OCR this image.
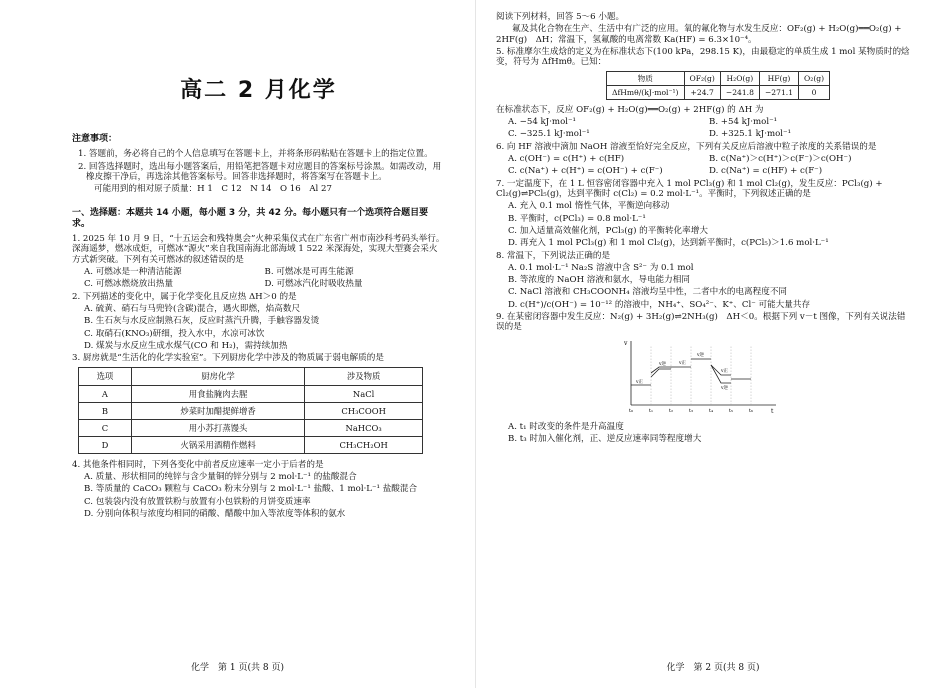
高二 2 月化学
注意事项：
1. 答题前，务必将自己的个人信息填写在答题卡上，并将条形码粘贴在答题卡上的指定位置。
2. 回答选择题时，选出每小题答案后，用铅笔把答题卡对应题目的答案标号涂黑。如需改动，用橡皮擦干净后，再选涂其他答案标号。回答非选择题时，将答案写在答题卡上。
可能用到的相对原子质量：H 1　C 12　N 14　O 16　Al 27
一、选择题：本题共 14 小题，每小题 3 分，共 42 分。每小题只有一个选项符合题目要求。
1. 2025 年 10 月 9 日，“十五运会和残特奥会”火种采集仪式在广东省广州市南沙科考码头举行。深海遥梦，燃冰成炬，可燃冰“源火”来自我国南海北部海域 1 522 米深海处，实现大型赛会采火方式新突破。下列有关可燃冰的叙述错误的是
A. 可燃冰是一种清洁能源	B. 可燃冰是可再生能源
C. 可燃冰燃烧放出热量	D. 可燃冰汽化时吸收热量
2. 下列描述的变化中，属于化学变化且反应热 ΔH＞0 的是
A. 硫黄、硝石与马兜铃(含碳)混合，遇火即燃，焰高数尺
B. 生石灰与水反应制熟石灰，反应时蒸汽升腾，手触容器发烫
C. 取硝石(KNO₃)研细，投入水中，水凉可冰饮
D. 煤炭与水反应生成水煤气(CO 和 H₂)，需持续加热
3. 厨房就是“生活化的化学实验室”。下列厨房化学中涉及的物质属于弱电解质的是
选项	厨房化学	涉及物质
A	用食盐腌肉去腥	NaCl
B	炒菜时加醋提鲜增香	CH₃COOH
C	用小苏打蒸馒头	NaHCO₃
D	火锅采用酒精作燃料	CH₃CH₂OH
4. 其他条件相同时，下列各变化中前者反应速率一定小于后者的是
A. 质量、形状相同的纯锌与含少量铜的锌分别与 2 mol·L⁻¹ 的盐酸混合
B. 等质量的 CaCO₃ 颗粒与 CaCO₃ 粉末分别与 2 mol·L⁻¹ 盐酸、1 mol·L⁻¹ 盐酸混合
C. 包装袋内没有放置铁粉与放置有小包铁粉的月饼变质速率
D. 分别向体积与浓度均相同的硝酸、醋酸中加入等浓度等体积的氨水
化学　第 1 页(共 8 页)
阅读下列材料，回答 5～6 小题。
氟及其化合物在生产、生活中有广泛的应用。氧的氟化物与水发生反应：OF₂(g) + H₂O(g)══O₂(g) + 2HF(g)　ΔH；常温下，氢氟酸的电离常数 Ka(HF) = 6.3×10⁻⁴。
5. 标准摩尔生成焓的定义为在标准状态下(100 kPa，298.15 K)，由最稳定的单质生成 1 mol 某物质时的焓变，符号为 ΔfHmθ。已知：
物质	OF₂(g)	H₂O(g)	HF(g)	O₂(g)
ΔfHmθ/(kJ·mol⁻¹)	+24.7	−241.8	−271.1	0
在标准状态下，反应 OF₂(g) + H₂O(g)══O₂(g) + 2HF(g) 的 ΔH 为
A. −54 kJ·mol⁻¹	B. +54 kJ·mol⁻¹
C. −325.1 kJ·mol⁻¹	D. +325.1 kJ·mol⁻¹
6. 向 HF 溶液中滴加 NaOH 溶液至恰好完全反应，下列有关反应后溶液中粒子浓度的关系错误的是
A. c(OH⁻) = c(H⁺) + c(HF)	B. c(Na⁺)＞c(H⁺)＞c(F⁻)＞c(OH⁻)
C. c(Na⁺) + c(H⁺) = c(OH⁻) + c(F⁻)	D. c(Na⁺) = c(HF) + c(F⁻)
7. 一定温度下，在 1 L 恒容密闭容器中充入 1 mol PCl₃(g) 和 1 mol Cl₂(g)，发生反应：PCl₃(g) + Cl₂(g)⇌PCl₅(g)，达到平衡时 c(Cl₂) = 0.2 mol·L⁻¹。平衡时，下列叙述正确的是
A. 充入 0.1 mol 惰性气体，平衡逆向移动
B. 平衡时，c(PCl₃) = 0.8 mol·L⁻¹
C. 加入适量高效催化剂，PCl₃(g) 的平衡转化率增大
D. 再充入 1 mol PCl₃(g) 和 1 mol Cl₂(g)，达到新平衡时，c(PCl₅)＞1.6 mol·L⁻¹
8. 常温下，下列说法正确的是
A. 0.1 mol·L⁻¹ Na₂S 溶液中含 S²⁻ 为 0.1 mol
B. 等浓度的 NaOH 溶液和氨水，导电能力相同
C. NaCl 溶液和 CH₃COONH₄ 溶液均呈中性，二者中水的电离程度不同
D. c(H⁺)/c(OH⁻) = 10⁻¹² 的溶液中，NH₄⁺、SO₄²⁻、K⁺、Cl⁻ 可能大量共存
9. 在某密闭容器中发生反应：N₂(g) + 3H₂(g)⇌2NH₃(g)　ΔH＜0。根据下列 v－t 图像，下列有关说法错误的是
v
t
t₀	t₁	t₂	t₃	t₄	t₅	t₆
v正
v逆	v正
v逆
v正
v逆
A. t₁ 时改变的条件是升高温度
B. t₃ 时加入催化剂，正、逆反应速率同等程度增大
化学　第 2 页(共 8 页)
